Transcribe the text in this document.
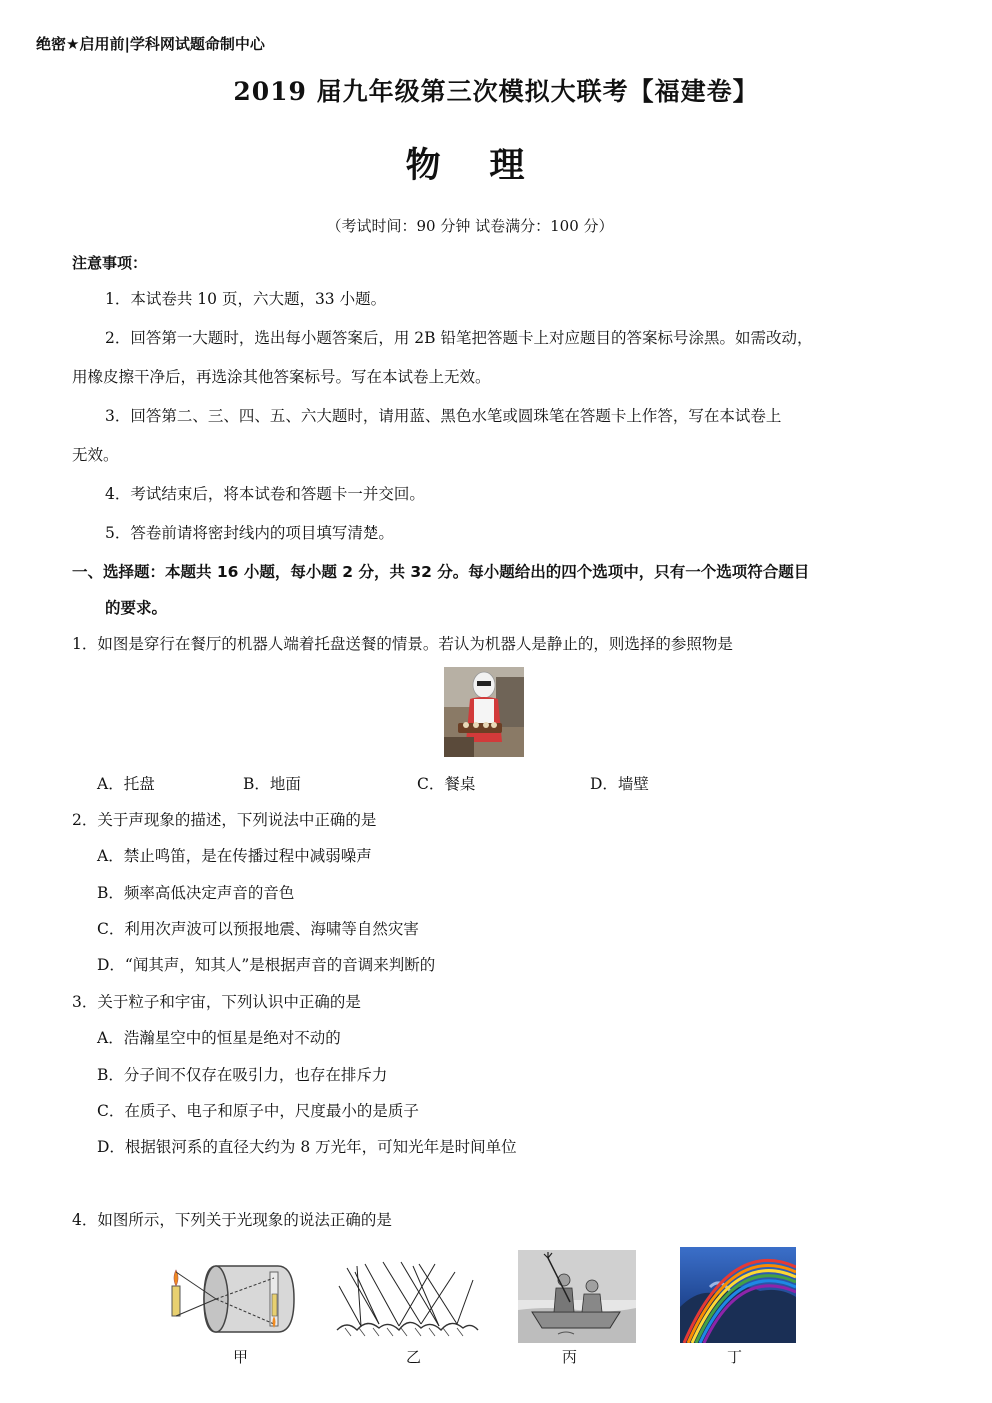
绝密★启用前|学科网试题命制中心
2019 届九年级第三次模拟大联考【福建卷】
物    理
（考试时间：90 分钟 试卷满分：100 分）
注意事项：
1．本试卷共 10 页，六大题，33 小题。
2．回答第一大题时，选出每小题答案后，用 2B 铅笔把答题卡上对应题目的答案标号涂黑。如需改动，
用橡皮擦干净后，再选涂其他答案标号。写在本试卷上无效。
3．回答第二、三、四、五、六大题时，请用蓝、黑色水笔或圆珠笔在答题卡上作答，写在本试卷上
无效。
4．考试结束后，将本试卷和答题卡一并交回。
5．答卷前请将密封线内的项目填写清楚。
一、选择题：本题共 16 小题，每小题 2 分，共 32 分。每小题给出的四个选项中，只有一个选项符合题目
的要求。
1．如图是穿行在餐厅的机器人端着托盘送餐的情景。若认为机器人是静止的，则选择的参照物是
A．托盘	B．地面	C．餐桌	D．墙壁
2．关于声现象的描述，下列说法中正确的是
A．禁止鸣笛，是在传播过程中减弱噪声
B．频率高低决定声音的音色
C．利用次声波可以预报地震、海啸等自然灾害
D．“闻其声，知其人”是根据声音的音调来判断的
3．关于粒子和宇宙，下列认识中正确的是
A．浩瀚星空中的恒星是绝对不动的
B．分子间不仅存在吸引力，也存在排斥力
C．在质子、电子和原子中，尺度最小的是质子
D．根据银河系的直径大约为 8 万光年，可知光年是时间单位
4．如图所示，下列关于光现象的说法正确的是
甲	乙	丙	丁
